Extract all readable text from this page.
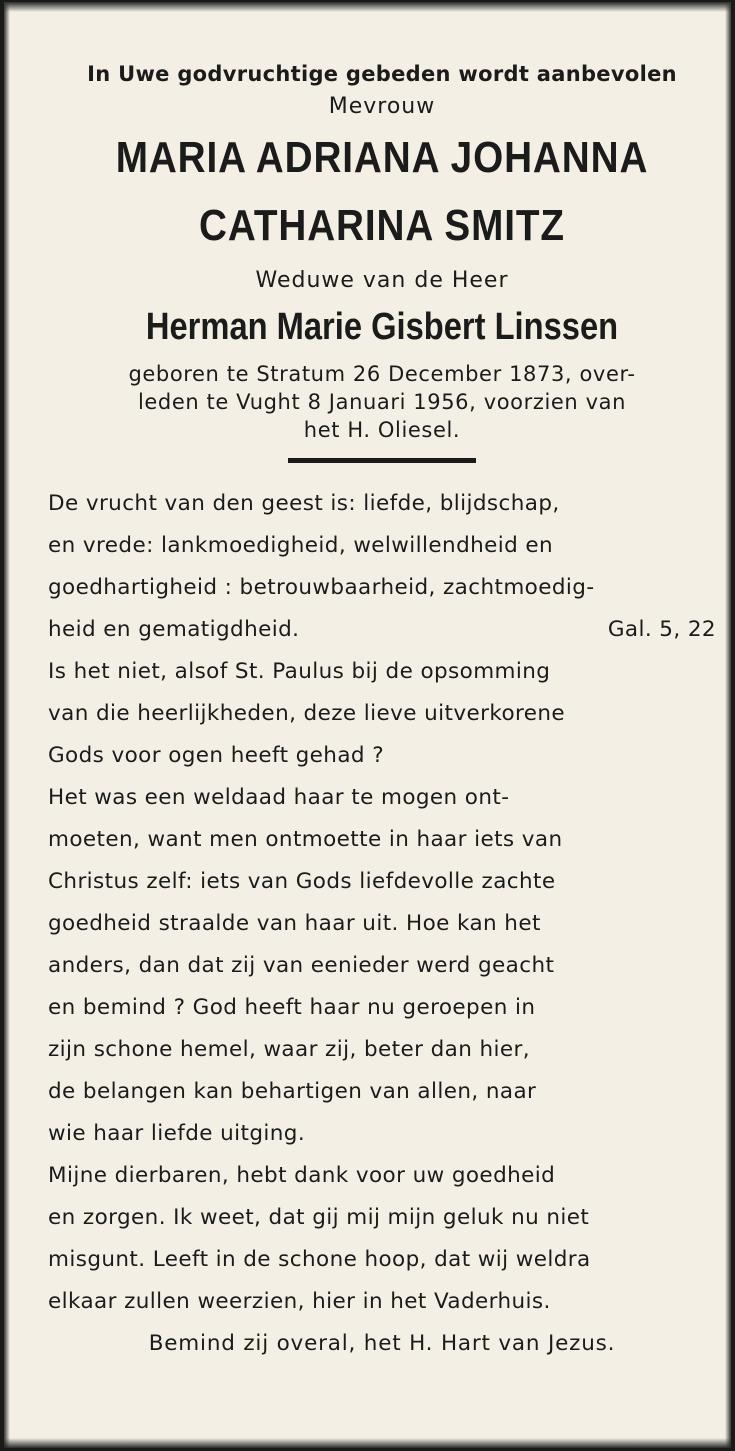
In Uwe godvruchtige gebeden wordt aanbevolen
Mevrouw
MARIA ADRIANA JOHANNA
CATHARINA SMITZ
Weduwe van de Heer
Herman Marie Gisbert Linssen
geboren te Stratum 26 December 1873, over-
leden te Vught 8 Januari 1956, voorzien van
het H. Oliesel.
De vrucht van den geest is: liefde, blijdschap,
en vrede: lankmoedigheid, welwillendheid en
goedhartigheid : betrouwbaarheid, zachtmoedig-
heid en gematigdheid.	Gal. 5, 22
Is het niet, alsof St. Paulus bij de opsomming
van die heerlijkheden, deze lieve uitverkorene
Gods voor ogen heeft gehad ?
Het was een weldaad haar te mogen ont-
moeten, want men ontmoette in haar iets van
Christus zelf: iets van Gods liefdevolle zachte
goedheid straalde van haar uit. Hoe kan het
anders, dan dat zij van eenieder werd geacht
en bemind ? God heeft haar nu geroepen in
zijn schone hemel, waar zij, beter dan hier,
de belangen kan behartigen van allen, naar
wie haar liefde uitging.
Mijne dierbaren, hebt dank voor uw goedheid
en zorgen. Ik weet, dat gij mij mijn geluk nu niet
misgunt. Leeft in de schone hoop, dat wij weldra
elkaar zullen weerzien, hier in het Vaderhuis.
Bemind zij overal, het H. Hart van Jezus.
